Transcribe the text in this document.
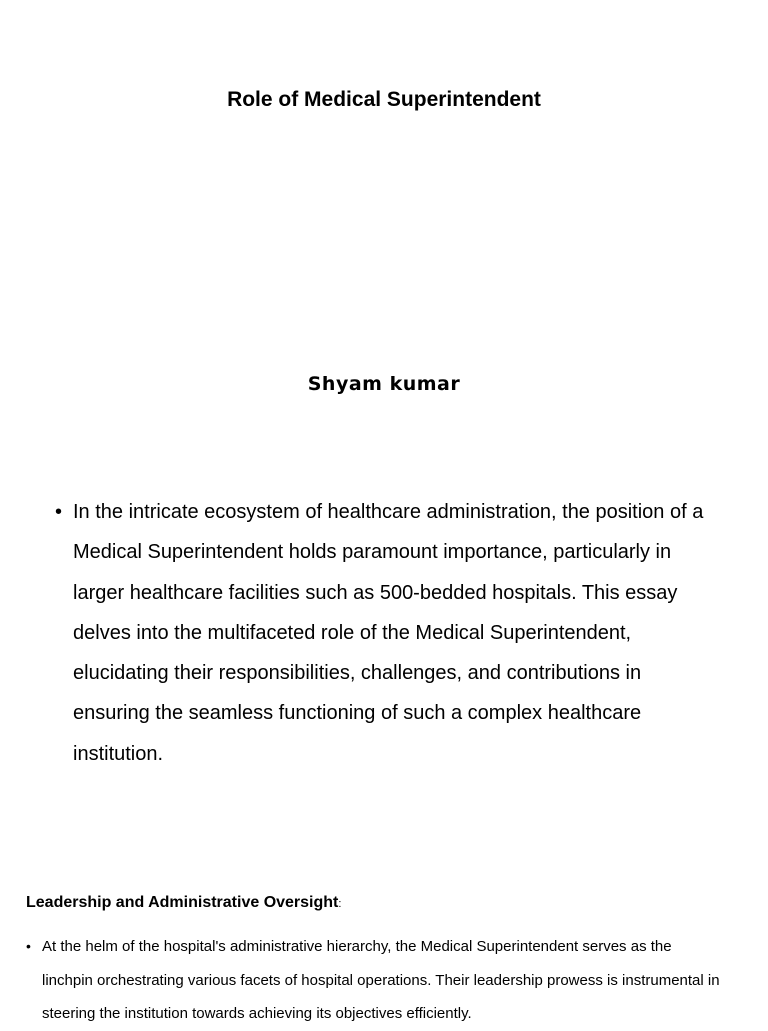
Role of Medical Superintendent
Shyam kumar
• In the intricate ecosystem of healthcare administration, the position of a Medical Superintendent holds paramount importance, particularly in larger healthcare facilities such as 500-bedded hospitals. This essay delves into the multifaceted role of the Medical Superintendent, elucidating their responsibilities, challenges, and contributions in ensuring the seamless functioning of such a complex healthcare institution.
Leadership and Administrative Oversight:
• At the helm of the hospital's administrative hierarchy, the Medical Superintendent serves as the linchpin orchestrating various facets of hospital operations. Their leadership prowess is instrumental in steering the institution towards achieving its objectives efficiently.
